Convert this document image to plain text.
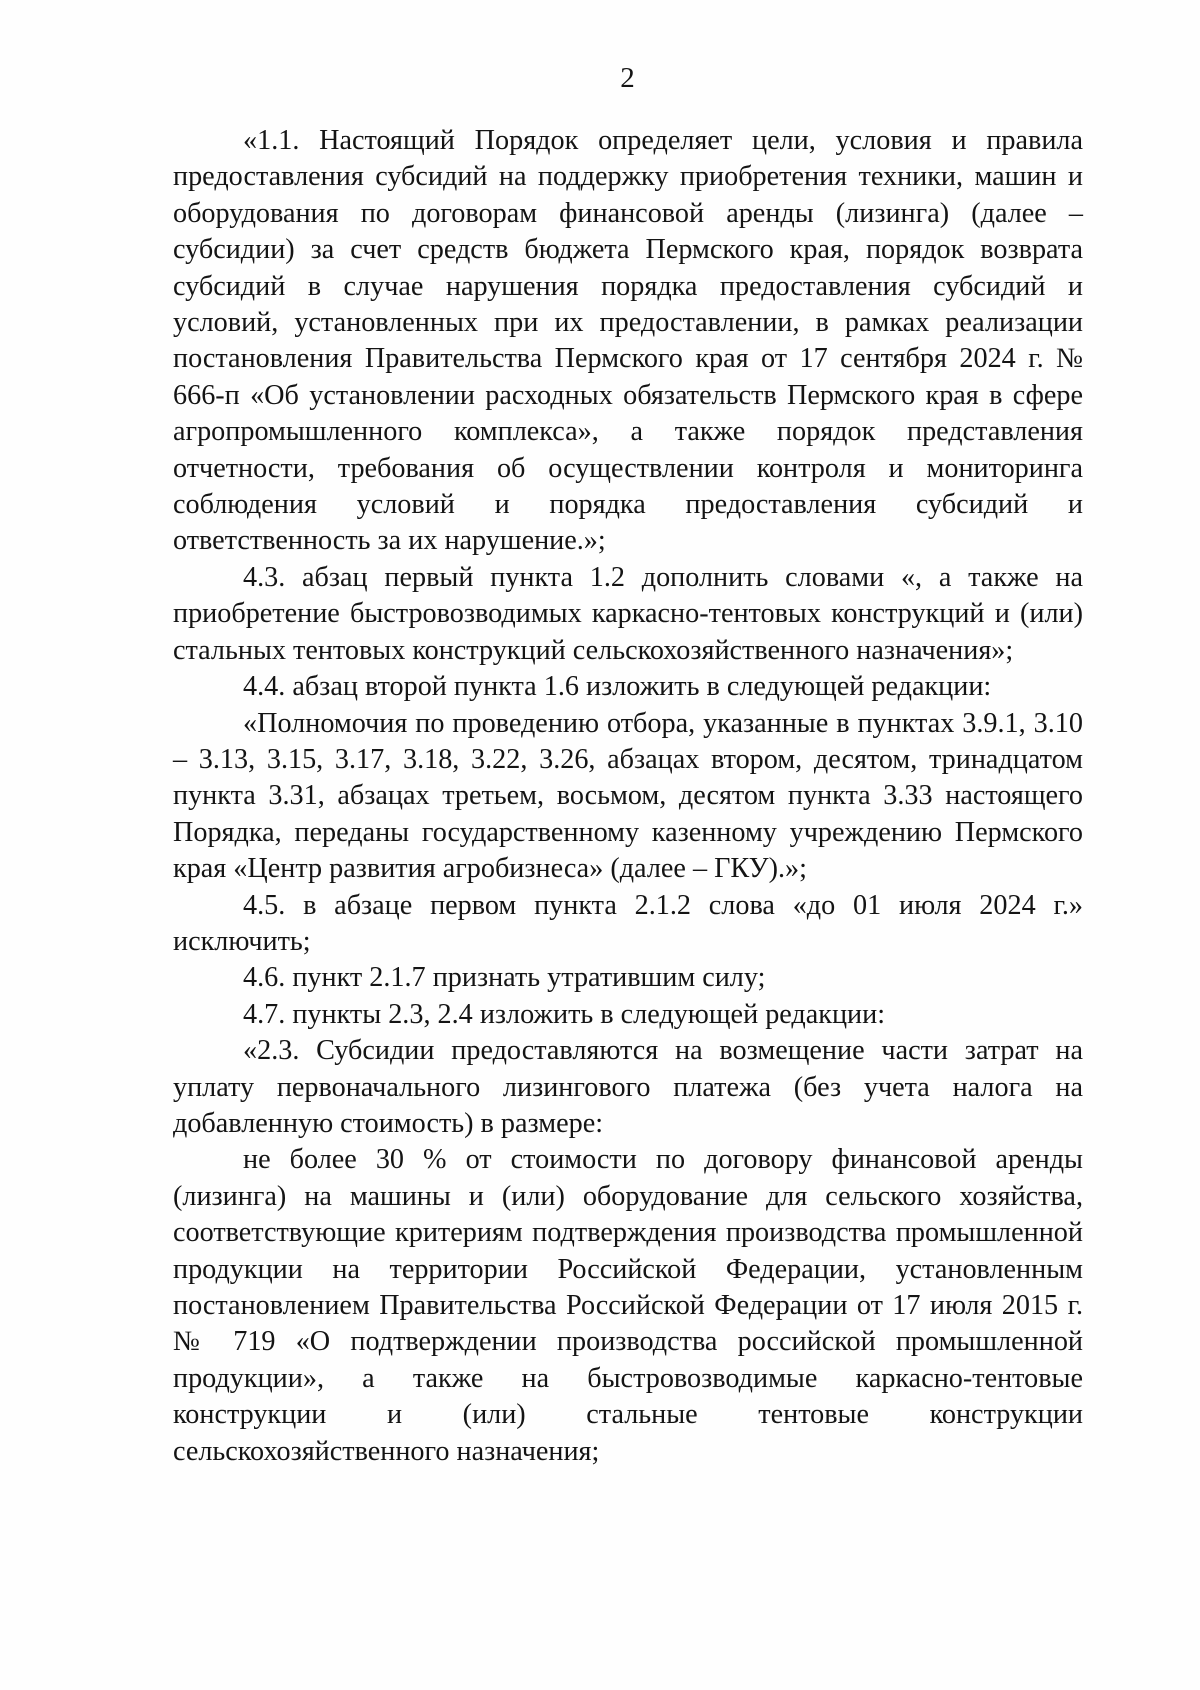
2

«1.1. Настоящий Порядок определяет цели, условия и правила предоставления субсидий на поддержку приобретения техники, машин и оборудования по договорам финансовой аренды (лизинга) (далее – субсидии) за счет средств бюджета Пермского края, порядок возврата субсидий в случае нарушения порядка предоставления субсидий и условий, установленных при их предоставлении, в рамках реализации постановления Правительства Пермского края от 17 сентября 2024 г. № 666-п «Об установлении расходных обязательств Пермского края в сфере агропромышленного комплекса», а также порядок представления отчетности, требования об осуществлении контроля и мониторинга соблюдения условий и порядка предоставления субсидий и ответственность за их нарушение.»;

4.3. абзац первый пункта 1.2 дополнить словами «, а также на приобретение быстровозводимых каркасно-тентовых конструкций и (или) стальных тентовых конструкций сельскохозяйственного назначения»;

4.4. абзац второй пункта 1.6 изложить в следующей редакции:

«Полномочия по проведению отбора, указанные в пунктах 3.9.1, 3.10 – 3.13, 3.15, 3.17, 3.18, 3.22, 3.26, абзацах втором, десятом, тринадцатом пункта 3.31, абзацах третьем, восьмом, десятом пункта 3.33 настоящего Порядка, переданы государственному казенному учреждению Пермского края «Центр развития агробизнеса» (далее – ГКУ).»;

4.5. в абзаце первом пункта 2.1.2 слова «до 01 июля 2024 г.» исключить;

4.6. пункт 2.1.7 признать утратившим силу;

4.7. пункты 2.3, 2.4 изложить в следующей редакции:

«2.3. Субсидии предоставляются на возмещение части затрат на уплату первоначального лизингового платежа (без учета налога на добавленную стоимость) в размере:

не более 30 % от стоимости по договору финансовой аренды (лизинга) на машины и (или) оборудование для сельского хозяйства, соответствующие критериям подтверждения производства промышленной продукции на территории Российской Федерации, установленным постановлением Правительства Российской Федерации от 17 июля 2015 г. № 719 «О подтверждении производства российской промышленной продукции», а также на быстровозводимые каркасно-тентовые конструкции и (или) стальные тентовые конструкции сельскохозяйственного назначения;
